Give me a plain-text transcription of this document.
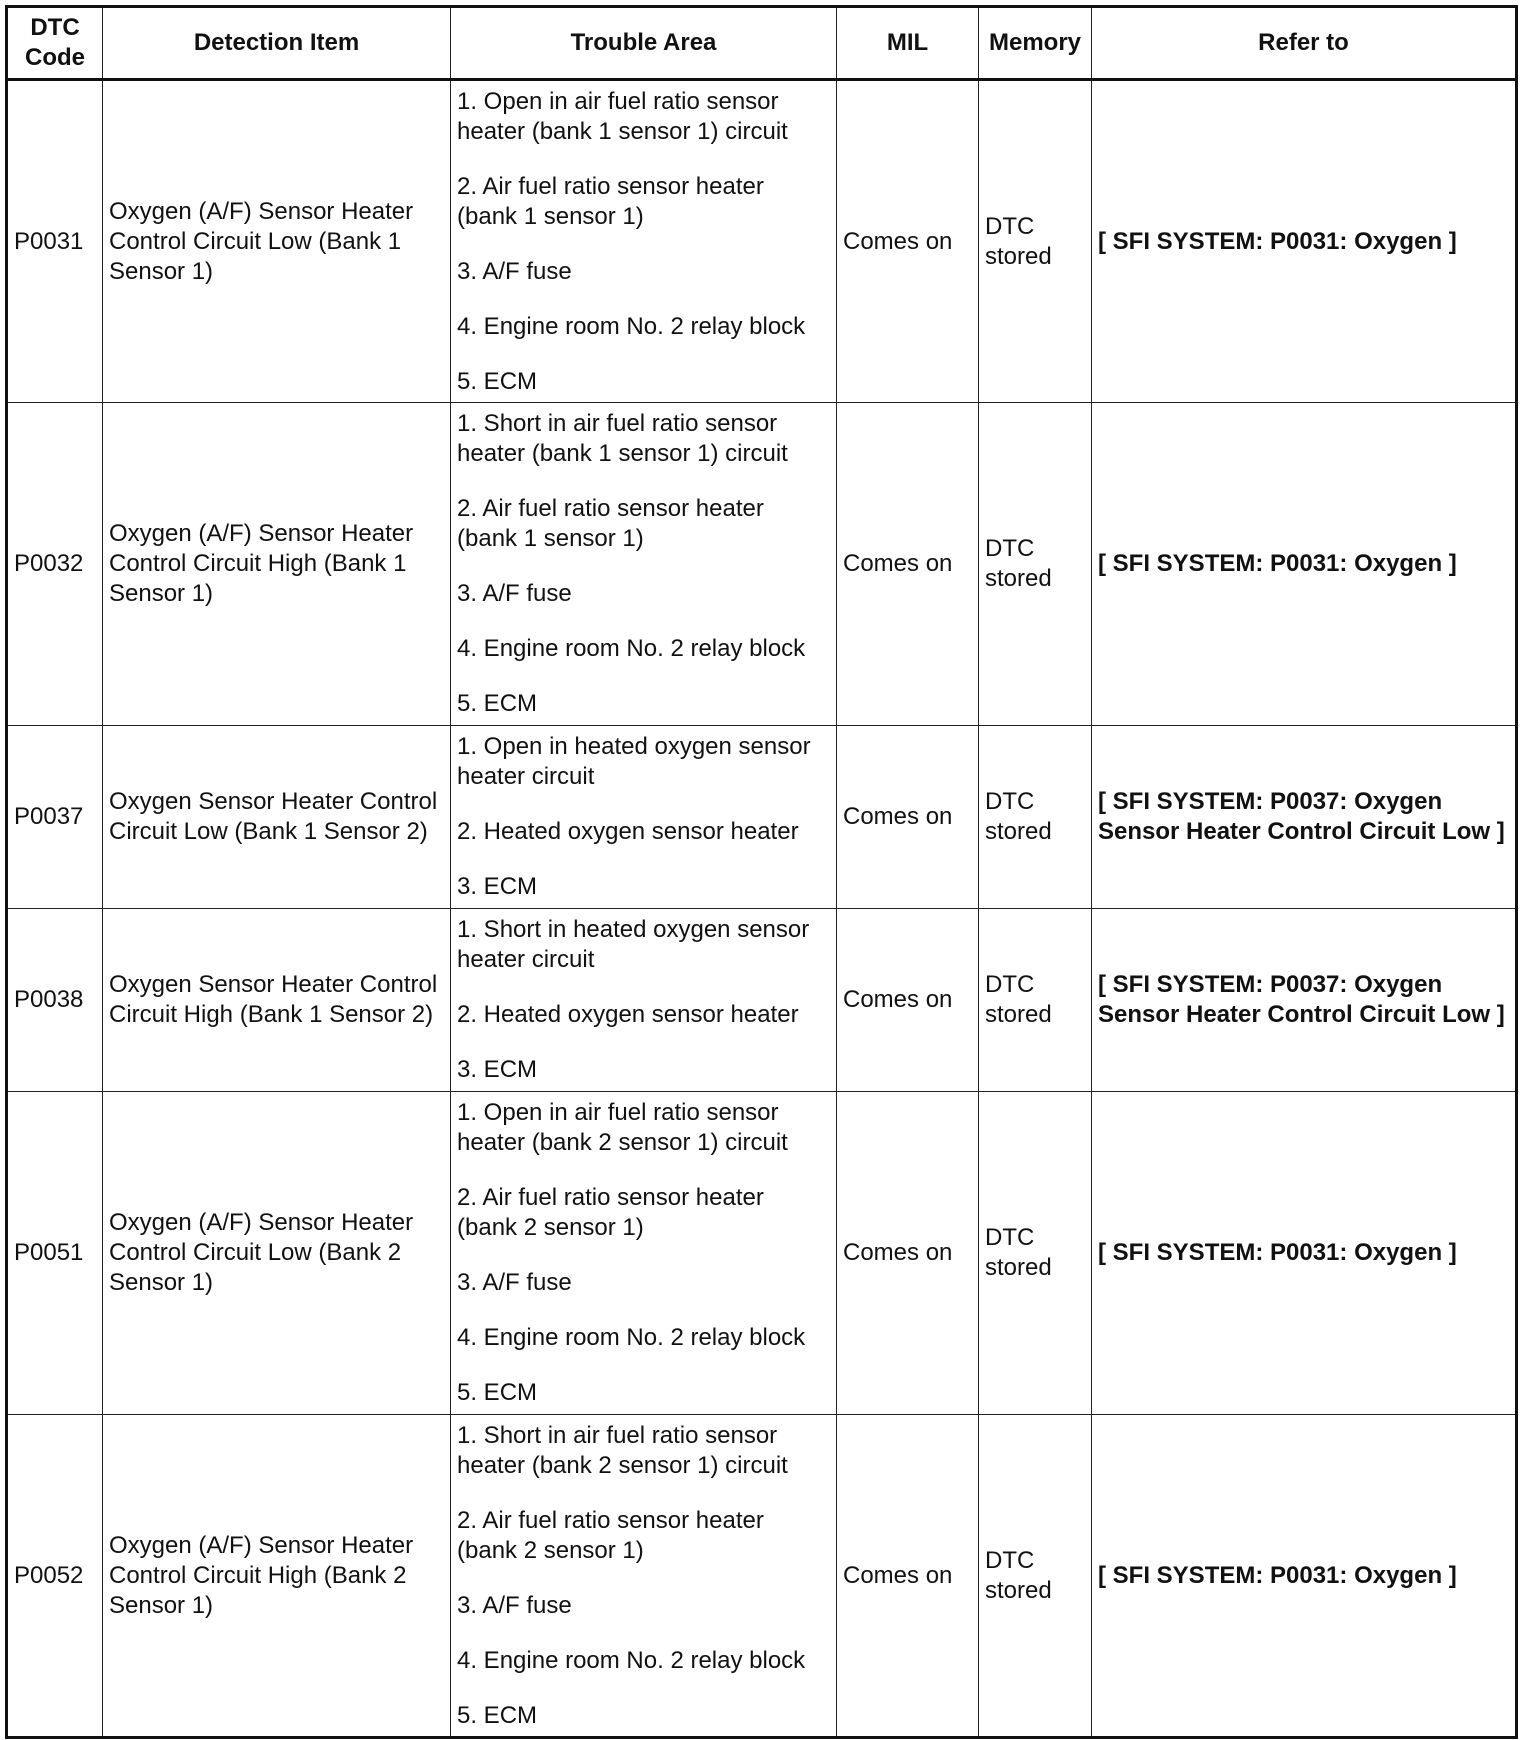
DTC
Code	Detection Item	Trouble Area	MIL	Memory	Refer to
P0031	Oxygen (A/F) Sensor Heater Control Circuit Low (Bank 1 Sensor 1)	1. Open in air fuel ratio sensor heater (bank 1 sensor 1) circuit

2. Air fuel ratio sensor heater (bank 1 sensor 1)

3. A/F fuse

4. Engine room No. 2 relay block

5. ECM	Comes on	DTC stored	[ SFI SYSTEM: P0031: Oxygen ]
P0032	Oxygen (A/F) Sensor Heater Control Circuit High (Bank 1 Sensor 1)	1. Short in air fuel ratio sensor heater (bank 1 sensor 1) circuit

2. Air fuel ratio sensor heater (bank 1 sensor 1)

3. A/F fuse

4. Engine room No. 2 relay block

5. ECM	Comes on	DTC stored	[ SFI SYSTEM: P0031: Oxygen ]
P0037	Oxygen Sensor Heater Control Circuit Low (Bank 1 Sensor 2)	1. Open in heated oxygen sensor heater circuit

2. Heated oxygen sensor heater

3. ECM	Comes on	DTC stored	[ SFI SYSTEM: P0037: Oxygen Sensor Heater Control Circuit Low ]
P0038	Oxygen Sensor Heater Control Circuit High (Bank 1 Sensor 2)	1. Short in heated oxygen sensor heater circuit

2. Heated oxygen sensor heater

3. ECM	Comes on	DTC stored	[ SFI SYSTEM: P0037: Oxygen Sensor Heater Control Circuit Low ]
P0051	Oxygen (A/F) Sensor Heater Control Circuit Low (Bank 2 Sensor 1)	1. Open in air fuel ratio sensor heater (bank 2 sensor 1) circuit

2. Air fuel ratio sensor heater (bank 2 sensor 1)

3. A/F fuse

4. Engine room No. 2 relay block

5. ECM	Comes on	DTC stored	[ SFI SYSTEM: P0031: Oxygen ]
P0052	Oxygen (A/F) Sensor Heater Control Circuit High (Bank 2 Sensor 1)	1. Short in air fuel ratio sensor heater (bank 2 sensor 1) circuit

2. Air fuel ratio sensor heater (bank 2 sensor 1)

3. A/F fuse

4. Engine room No. 2 relay block

5. ECM	Comes on	DTC stored	[ SFI SYSTEM: P0031: Oxygen ]
